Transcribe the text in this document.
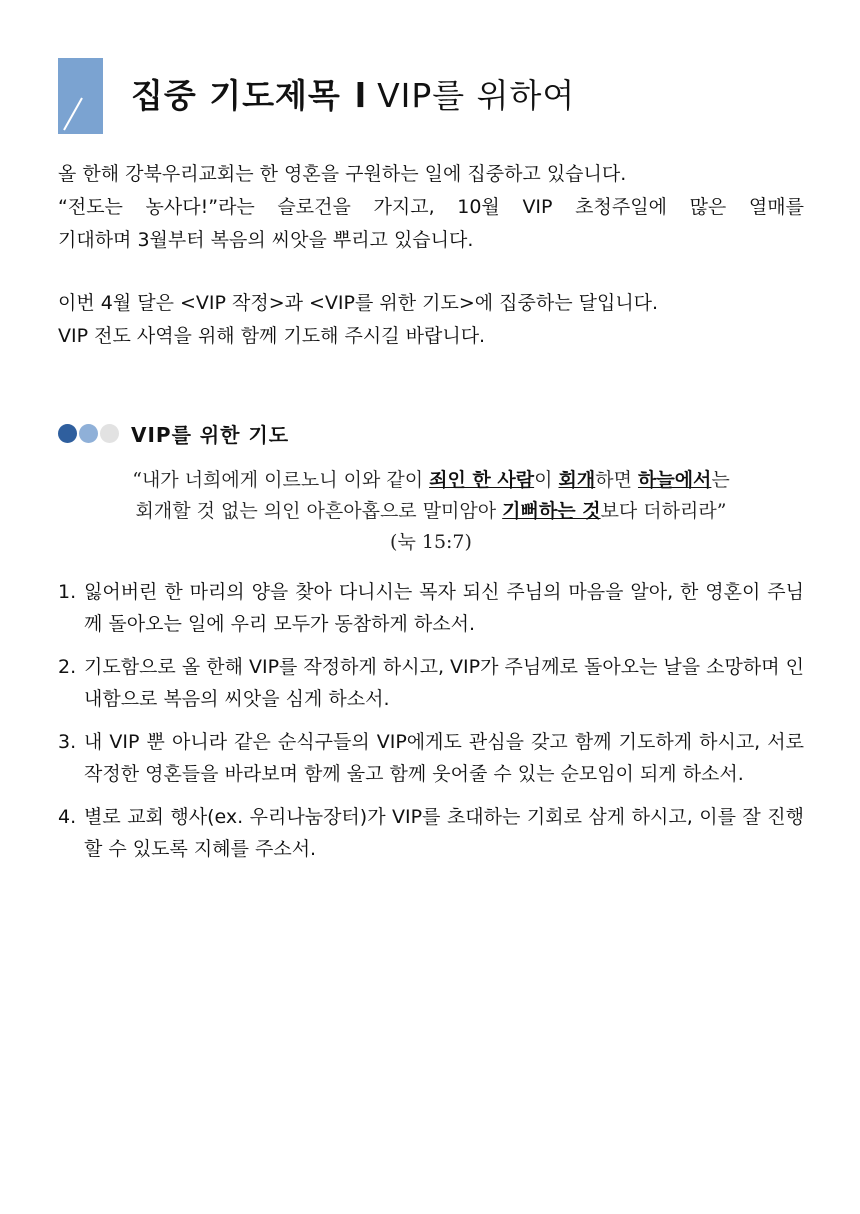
집중 기도제목 l VIP를 위하여

올 한해 강북우리교회는 한 영혼을 구원하는 일에 집중하고 있습니다.

“전도는 농사다!”라는 슬로건을 가지고, 10월 VIP 초청주일에 많은 열매를

기대하며 3월부터 복음의 씨앗을 뿌리고 있습니다.

이번 4월 달은 <VIP 작정>과 <VIP를 위한 기도>에 집중하는 달입니다.

VIP 전도 사역을 위해 함께 기도해 주시길 바랍니다.

VIP를 위한 기도

“내가 너희에게 이르노니 이와 같이 죄인 한 사람이 회개하면 하늘에서는

회개할 것 없는 의인 아흔아홉으로 말미암아 기뻐하는 것보다 더하리라”

(눅 15:7)

1. 잃어버린 한 마리의 양을 찾아 다니시는 목자 되신 주님의 마음을 알아, 한 영혼이 주님께 돌아오는 일에 우리 모두가 동참하게 하소서.
2. 기도함으로 올 한해 VIP를 작정하게 하시고, VIP가 주님께로 돌아오는 날을 소망하며 인내함으로 복음의 씨앗을 심게 하소서.
3. 내 VIP 뿐 아니라 같은 순식구들의 VIP에게도 관심을 갖고 함께 기도하게 하시고, 서로 작정한 영혼들을 바라보며 함께 울고 함께 웃어줄 수 있는 순모임이 되게 하소서.
4. 별로 교회 행사(ex. 우리나눔장터)가 VIP를 초대하는 기회로 삼게 하시고, 이를 잘 진행할 수 있도록 지혜를 주소서.
